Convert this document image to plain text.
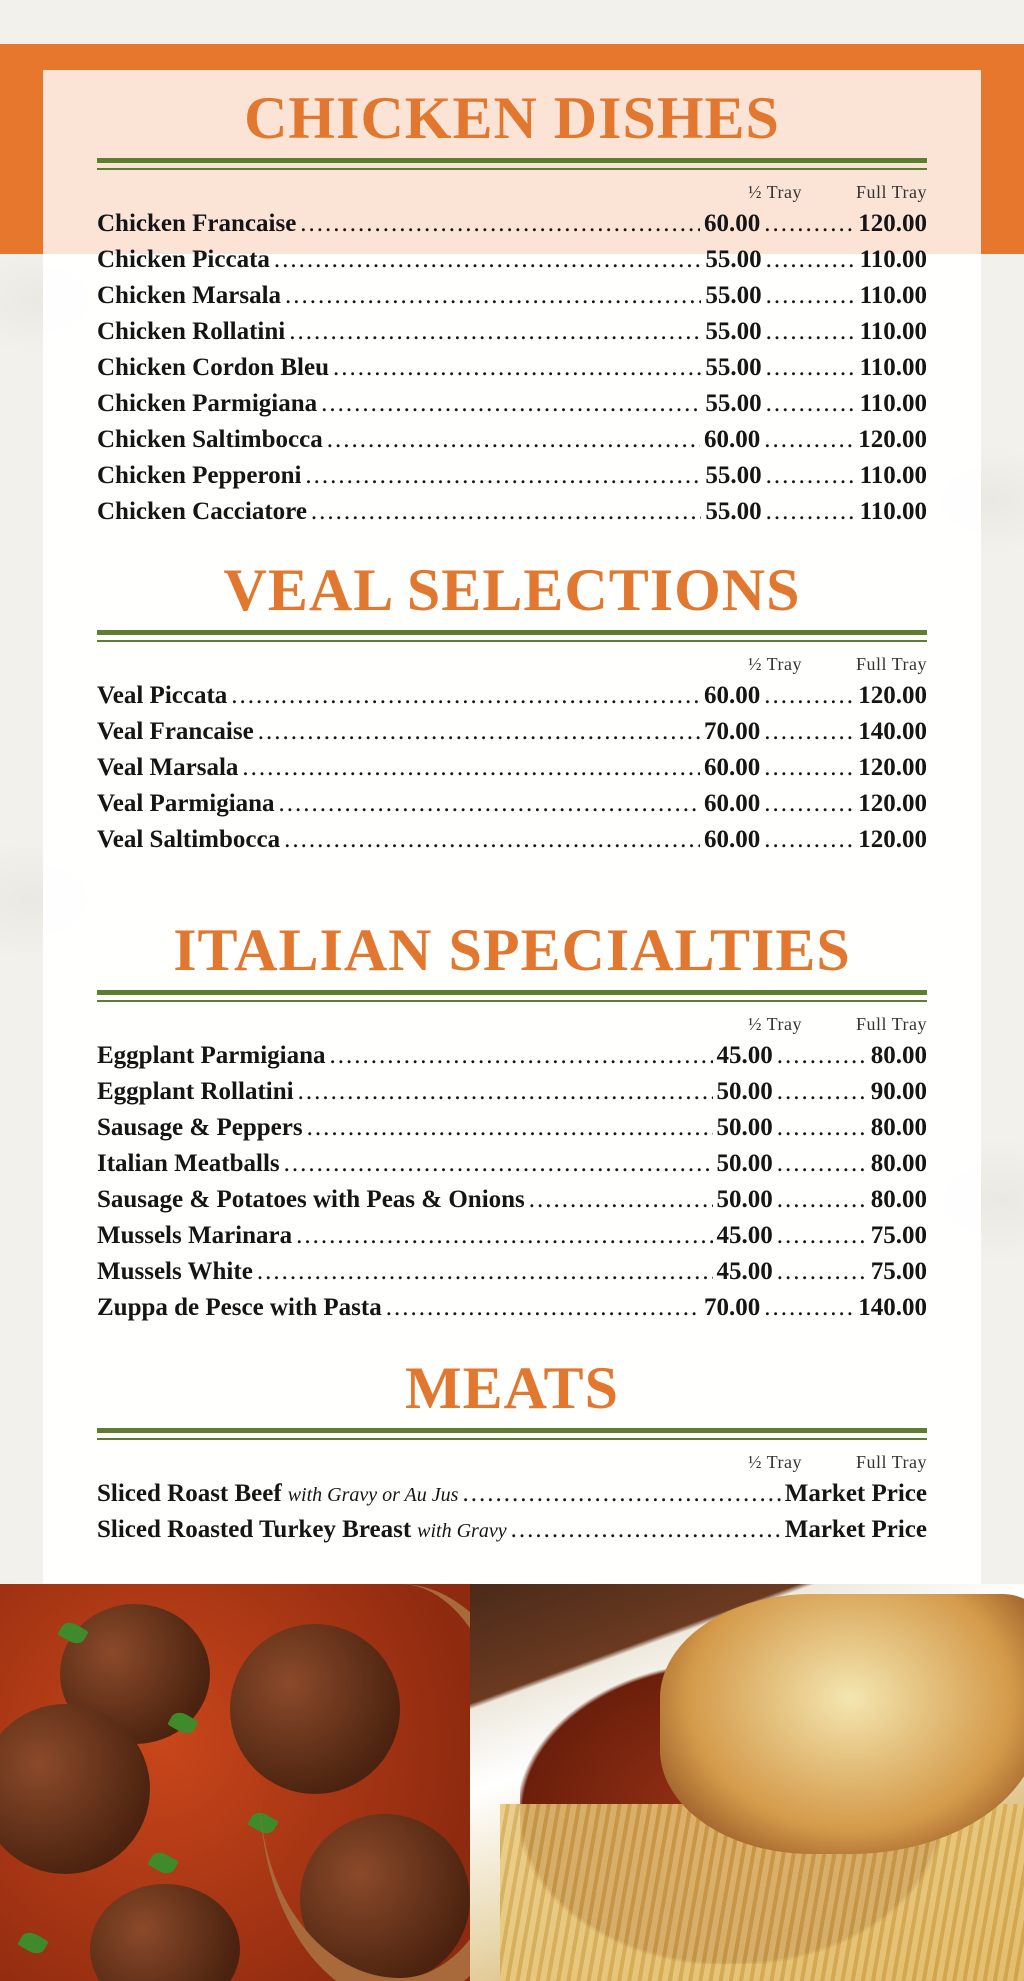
CHICKEN DISHES
½ Tray	Full Tray
Chicken Francaise .....	60.00 .....	120.00
Chicken Piccata .....	55.00 .....	110.00
Chicken Marsala .....	55.00 .....	110.00
Chicken Rollatini .....	55.00 .....	110.00
Chicken Cordon Bleu .....	55.00 .....	110.00
Chicken Parmigiana .....	55.00 .....	110.00
Chicken Saltimbocca .....	60.00 .....	120.00
Chicken Pepperoni .....	55.00 .....	110.00
Chicken Cacciatore .....	55.00 .....	110.00
VEAL SELECTIONS
½ Tray	Full Tray
Veal Piccata .....	60.00 .....	120.00
Veal Francaise .....	70.00 .....	140.00
Veal Marsala .....	60.00 .....	120.00
Veal Parmigiana .....	60.00 .....	120.00
Veal Saltimbocca .....	60.00 .....	120.00
ITALIAN SPECIALTIES
½ Tray	Full Tray
Eggplant Parmigiana .....	45.00 .....	80.00
Eggplant Rollatini .....	50.00 .....	90.00
Sausage & Peppers .....	50.00 .....	80.00
Italian Meatballs .....	50.00 .....	80.00
Sausage & Potatoes with Peas & Onions .....	50.00 .....	80.00
Mussels Marinara .....	45.00 .....	75.00
Mussels White .....	45.00 .....	75.00
Zuppa de Pesce with Pasta .....	70.00 .....	140.00
MEATS
½ Tray	Full Tray
Sliced Roast Beef with Gravy or Au Jus .....	Market Price
Sliced Roasted Turkey Breast with Gravy .....	Market Price
